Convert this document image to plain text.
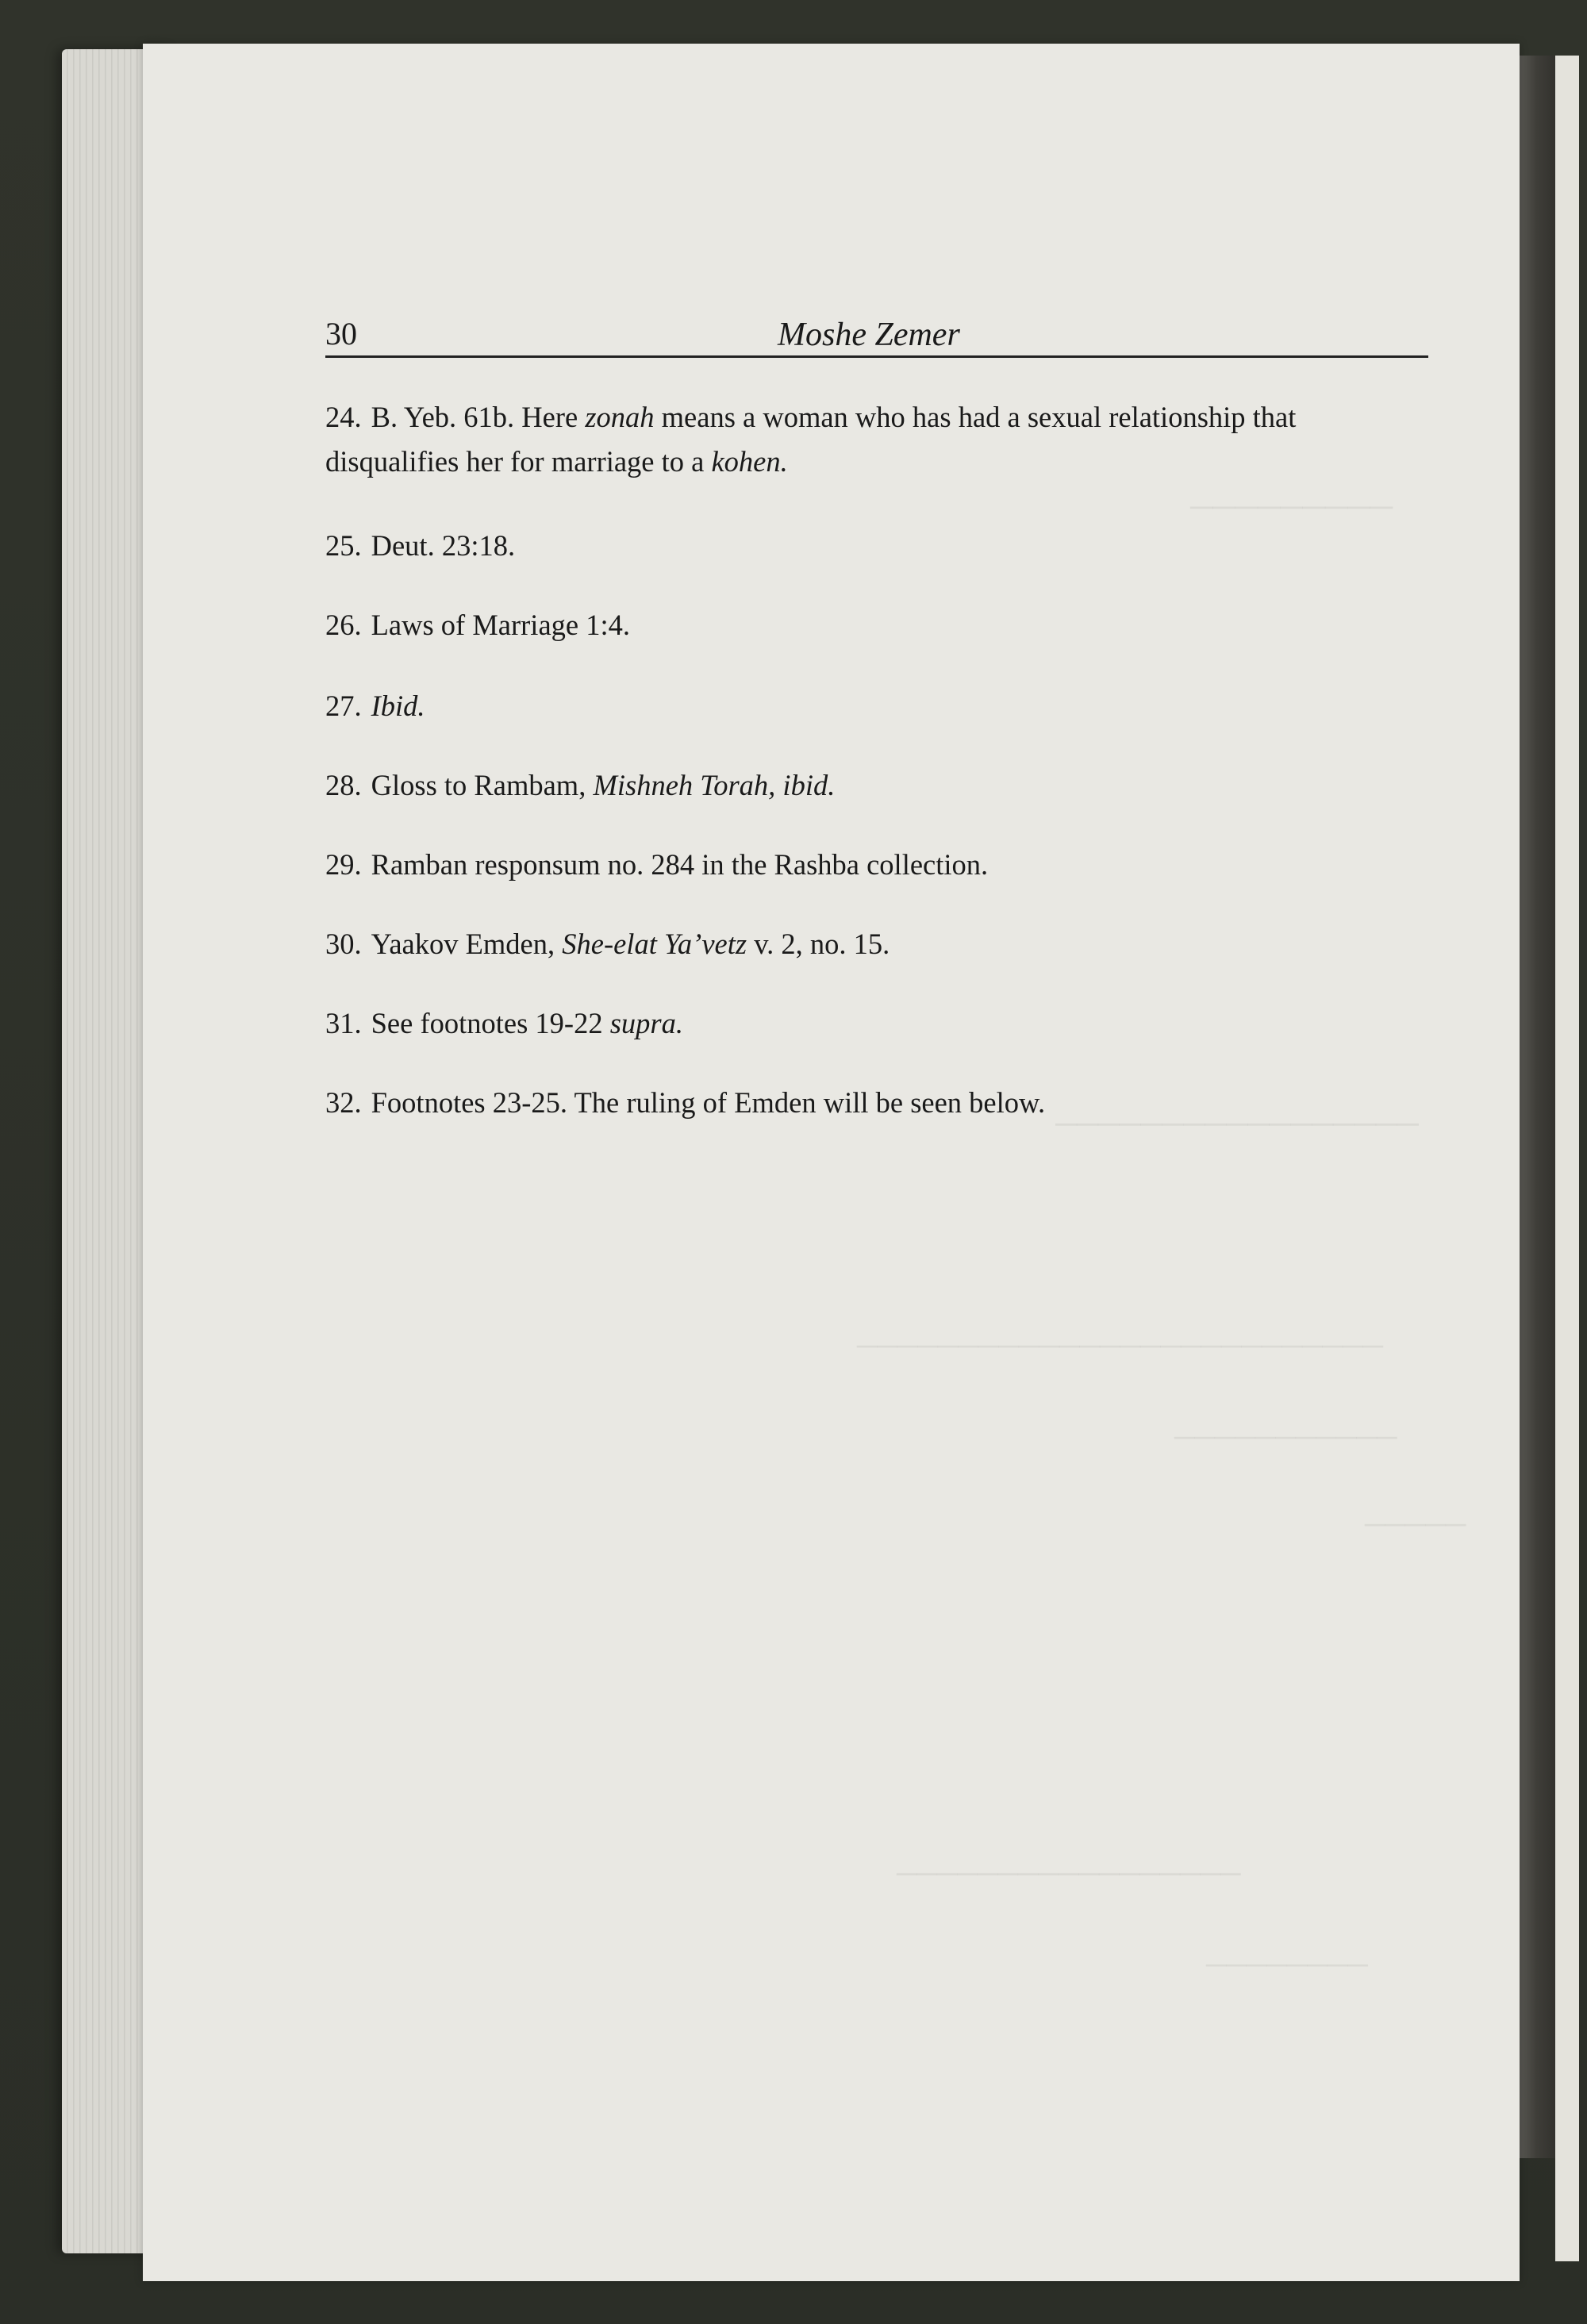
─────────
─────────────────
──────────────────────────
───────────
─────
─────────────────
────────
30	Moshe Zemer

24. B. Yeb. 61b. Here zonah means a woman who has had a sexual relationship that disqualifies her for marriage to a kohen.

25. Deut. 23:18.

26. Laws of Marriage 1:4.

27. Ibid.

28. Gloss to Rambam, Mishneh Torah, ibid.

29. Ramban responsum no. 284 in the Rashba collection.

30. Yaakov Emden, She-elat Ya’vetz v. 2, no. 15.

31. See footnotes 19-22 supra.

32. Footnotes 23-25. The ruling of Emden will be seen below.
